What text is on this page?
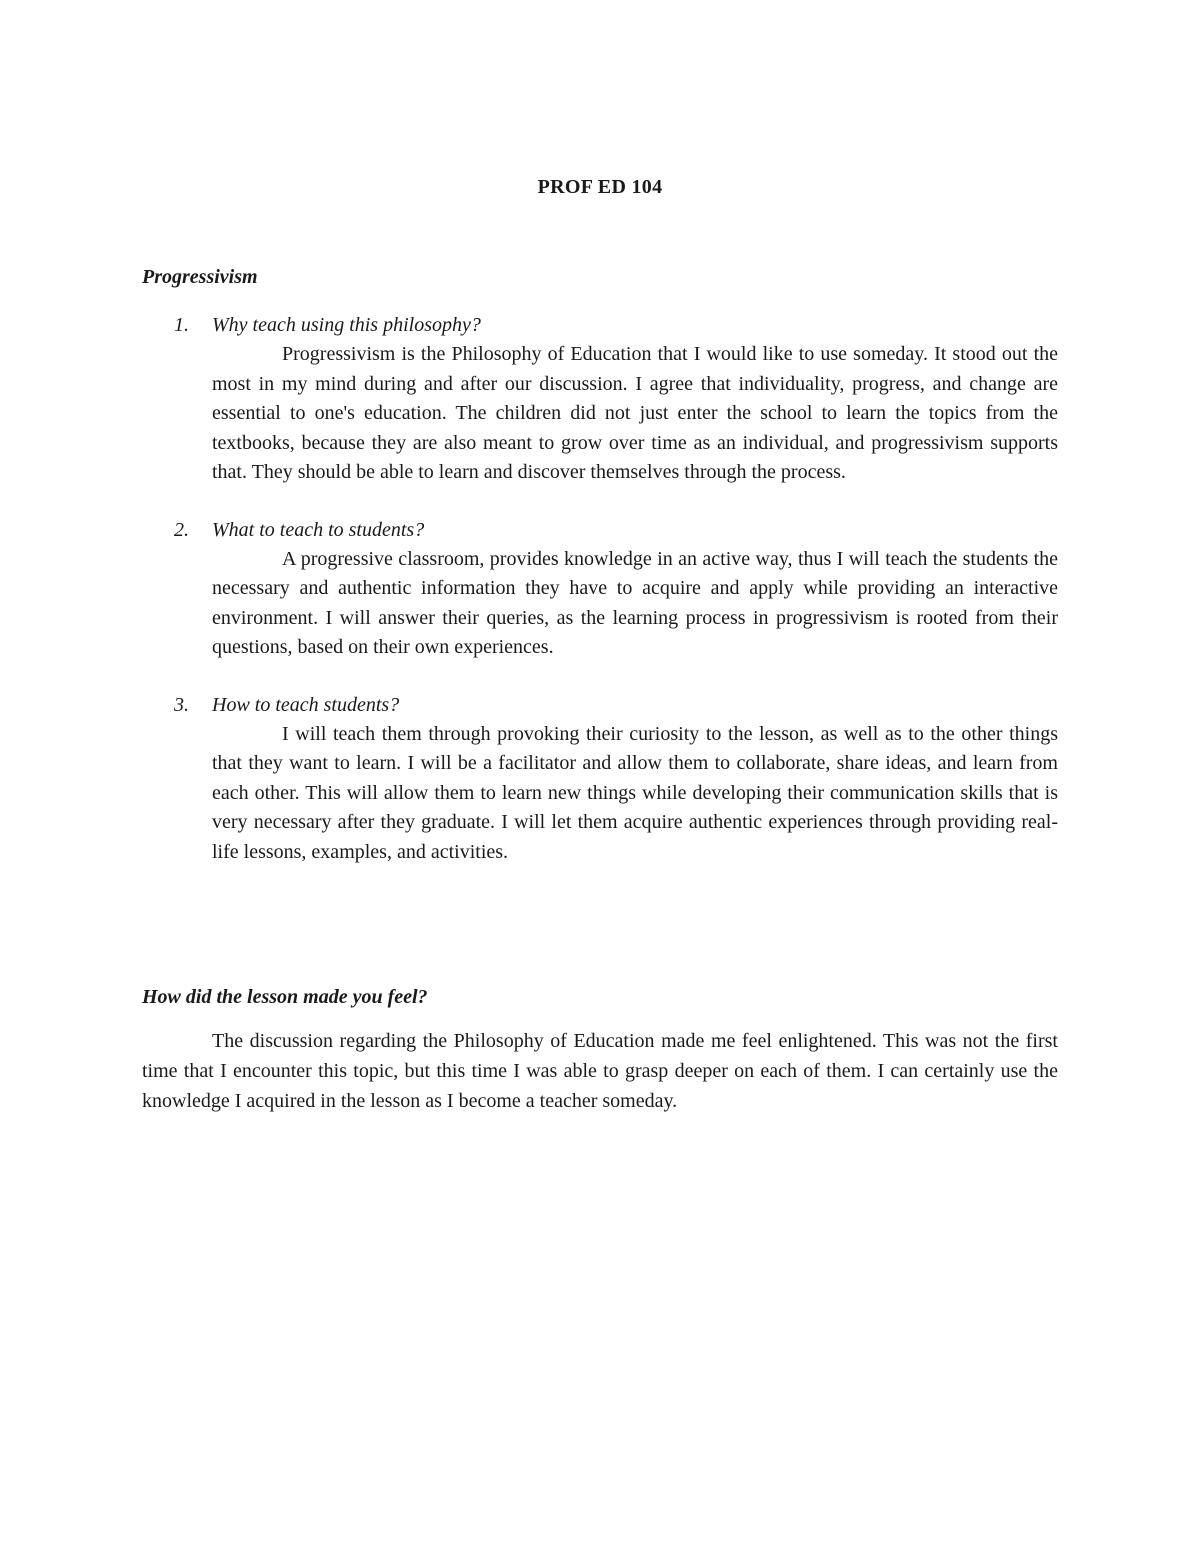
PROF ED 104
Progressivism
1. Why teach using this philosophy?

Progressivism is the Philosophy of Education that I would like to use someday. It stood out the most in my mind during and after our discussion. I agree that individuality, progress, and change are essential to one's education. The children did not just enter the school to learn the topics from the textbooks, because they are also meant to grow over time as an individual, and progressivism supports that. They should be able to learn and discover themselves through the process.

2. What to teach to students?

A progressive classroom, provides knowledge in an active way, thus I will teach the students the necessary and authentic information they have to acquire and apply while providing an interactive environment. I will answer their queries, as the learning process in progressivism is rooted from their questions, based on their own experiences.

3. How to teach students?

I will teach them through provoking their curiosity to the lesson, as well as to the other things that they want to learn. I will be a facilitator and allow them to collaborate, share ideas, and learn from each other. This will allow them to learn new things while developing their communication skills that is very necessary after they graduate. I will let them acquire authentic experiences through providing real-life lessons, examples, and activities.

How did the lesson made you feel?

The discussion regarding the Philosophy of Education made me feel enlightened. This was not the first time that I encounter this topic, but this time I was able to grasp deeper on each of them. I can certainly use the knowledge I acquired in the lesson as I become a teacher someday.
